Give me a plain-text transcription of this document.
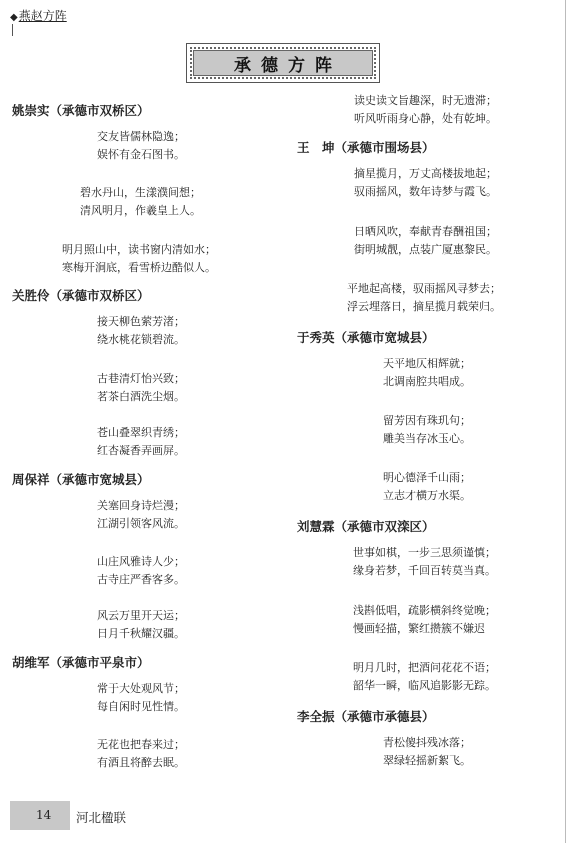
◆燕赵方阵
承德方阵
姚崇实（承德市双桥区）
交友皆儒林隐逸；
娱怀有金石图书。
碧水丹山，生漾濮间想；
清风明月，作羲皇上人。
明月照山中，读书窗内清如水；
寒梅开涧底，看雪桥边酷似人。
关胜伶（承德市双桥区）
接天柳色萦芳渚；
绕水桃花锁碧流。
古巷清灯怡兴致；
茗茶白酒洗尘烟。
苍山叠翠织青绣；
红杏凝香弄画屏。
周保祥（承德市宽城县）
关塞回身诗烂漫；
江湖引领客风流。
山庄风雅诗人少；
古寺庄严香客多。
风云万里开天运；
日月千秋耀汉疆。
胡维军（承德市平泉市）
常于大处观风节；
每自闲时见性情。
无花也把春来过；
有酒且将醉去眠。
读史读文旨趣深，时无遗滞；
听风听雨身心静，处有乾坤。
王　坤（承德市围场县）
摘星揽月，万丈高楼拔地起；
驭雨摇风，数年诗梦与霞飞。
日晒风吹，奉献青春酬祖国；
街明城靓，点装广厦惠黎民。
平地起高楼，驭雨摇风寻梦去；
浮云埋落日，摘星揽月载荣归。
于秀英（承德市宽城县）
天平地仄相辉就；
北调南腔共唱成。
留芳因有珠玑句；
雕美当存冰玉心。
明心德泽千山雨；
立志才横万水渠。
刘慧霖（承德市双滦区）
世事如棋，一步三思须谨慎；
缘身若梦，千回百转莫当真。
浅斟低唱，疏影横斜终觉晚；
慢画轻描，繁红攒簇不嫌迟
明月几时，把酒问花花不语；
韶华一瞬，临风追影影无踪。
李全振（承德市承德县）
青松傻抖残冰落；
翠绿轻摇新絮飞。
14 河北楹联
